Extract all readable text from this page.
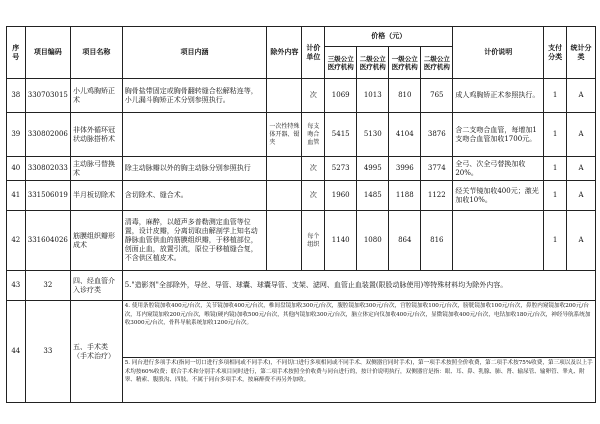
序号	项目编码	项目名称	项目内涵	除外内容	计价单位	价格（元）				计价说明	支付分类	统计分类
						三级公立医疗机构	二级公立医疗机构	一级公立医疗机构	二级公立医疗机构			
38	330703015	小儿鸡胸矫正术	胸骨盐带固定或胸骨翻转缝合松解粘连等，小儿漏斗胸矫正术分别参照执行。		次	1069	1013	810	765	成人鸡胸矫正术参照执行。	1	A
39	330802006	非体外循环冠状动脉搭桥术		一次性特殊体开器、镊夹	每支吻合血管	5415	5130	4104	3876	含二支吻合血管，每增加1支吻合血管加收1700元。	1	A
40	330802033	主动脉弓替换术	除主动脉瓣以外的胸主动脉分别参照执行		次	5273	4995	3996	3774	全弓、次全弓替换加收20%。	1	A
41	331506019	半月板切除术	含切除术、缝合术。		次	1960	1485	1188	1122	经关节镜加收400元；激光加收10%。	1	A
42	331604026	筋膜组织瓣形成术	清毒，麻醉，以超声多普勒测定血管等位置，设计皮瓣，分离切取由解剖学上知名动静脉血管供血的筋膜组织瓣，于移植部位，创面止血，放置引流，原位于移植缝合复，不含供区植皮术。		每个组织	1140	1080	864	816		1	A
43	32	四、经血管介入诊疗类	5."造影剂"全部除外，导丝、导管、球囊、球囊导管、支架、滤网、血管止血装置(限股动脉使用)等特殊材料均为除外内容。									
44	33	五、手术类（手术治疗）	4. 使用条腔镜加收400元/台次，关节镜加收400元/台次，椎间盘镜加收300元/台次，腹腔镜加收300元/台次，宫腔镜加收100元/台次，膀胱镜加收100元/台次，鼻腔内窥镜加收200元/台次，耳内窥镜加收200元/台次，喉镜(硬内镜)加收500元/台次，其他内镜加收300元/台次，脑立体定向仪加收400元/台次，显微镜加收400元/台次，电钻加收180元/台次，神经导航系统加收3000元/台次，骨科导航系统加收1200元/台次。
5. 同台进行多项手术(指同一切口进行多项相同或不同手术)，不同切口进行多项相同或不同手术、双侧器官同时手术)，第一项手术按照全价收费，第二项手术按75%收费，第三项以及以上手术均按60%收费；联合手术和分别手术项目同时进行，第二项手术按照全价收费与同台进行的，按计价说明执行，双侧器官是指：眼、耳、鼻、乳腺、肺、肾、输尿管、输卵管、睾丸、附睾、精索、腹股沟、四肢。不属于同台多项手术，按麻醉费不再另外加收。									
